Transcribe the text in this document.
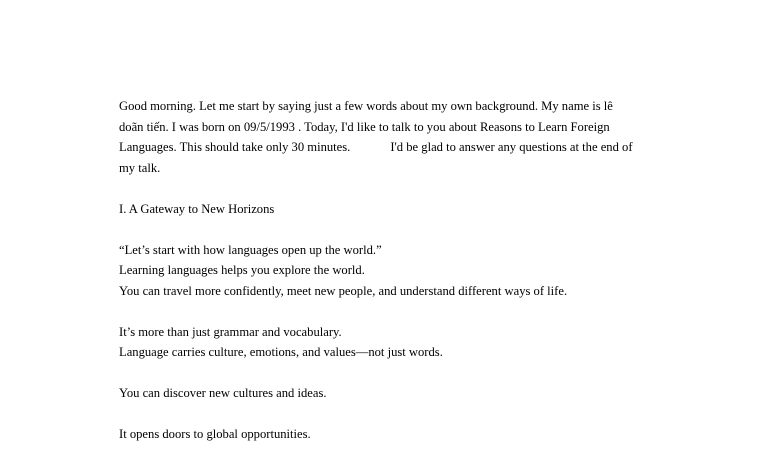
Good morning. Let me start by saying just a few words about my own background. My name is lê
doãn tiến. I was born on 09/5/1993 . Today, I'd like to talk to you about Reasons to Learn Foreign
Languages. This should take only 30 minutes.	I'd be glad to answer any questions at the end of
my talk.
I. A Gateway to New Horizons
“Let’s start with how languages open up the world.”
Learning languages helps you explore the world.
You can travel more confidently, meet new people, and understand different ways of life.
It’s more than just grammar and vocabulary.
Language carries culture, emotions, and values—not just words.
You can discover new cultures and ideas.
It opens doors to global opportunities.
